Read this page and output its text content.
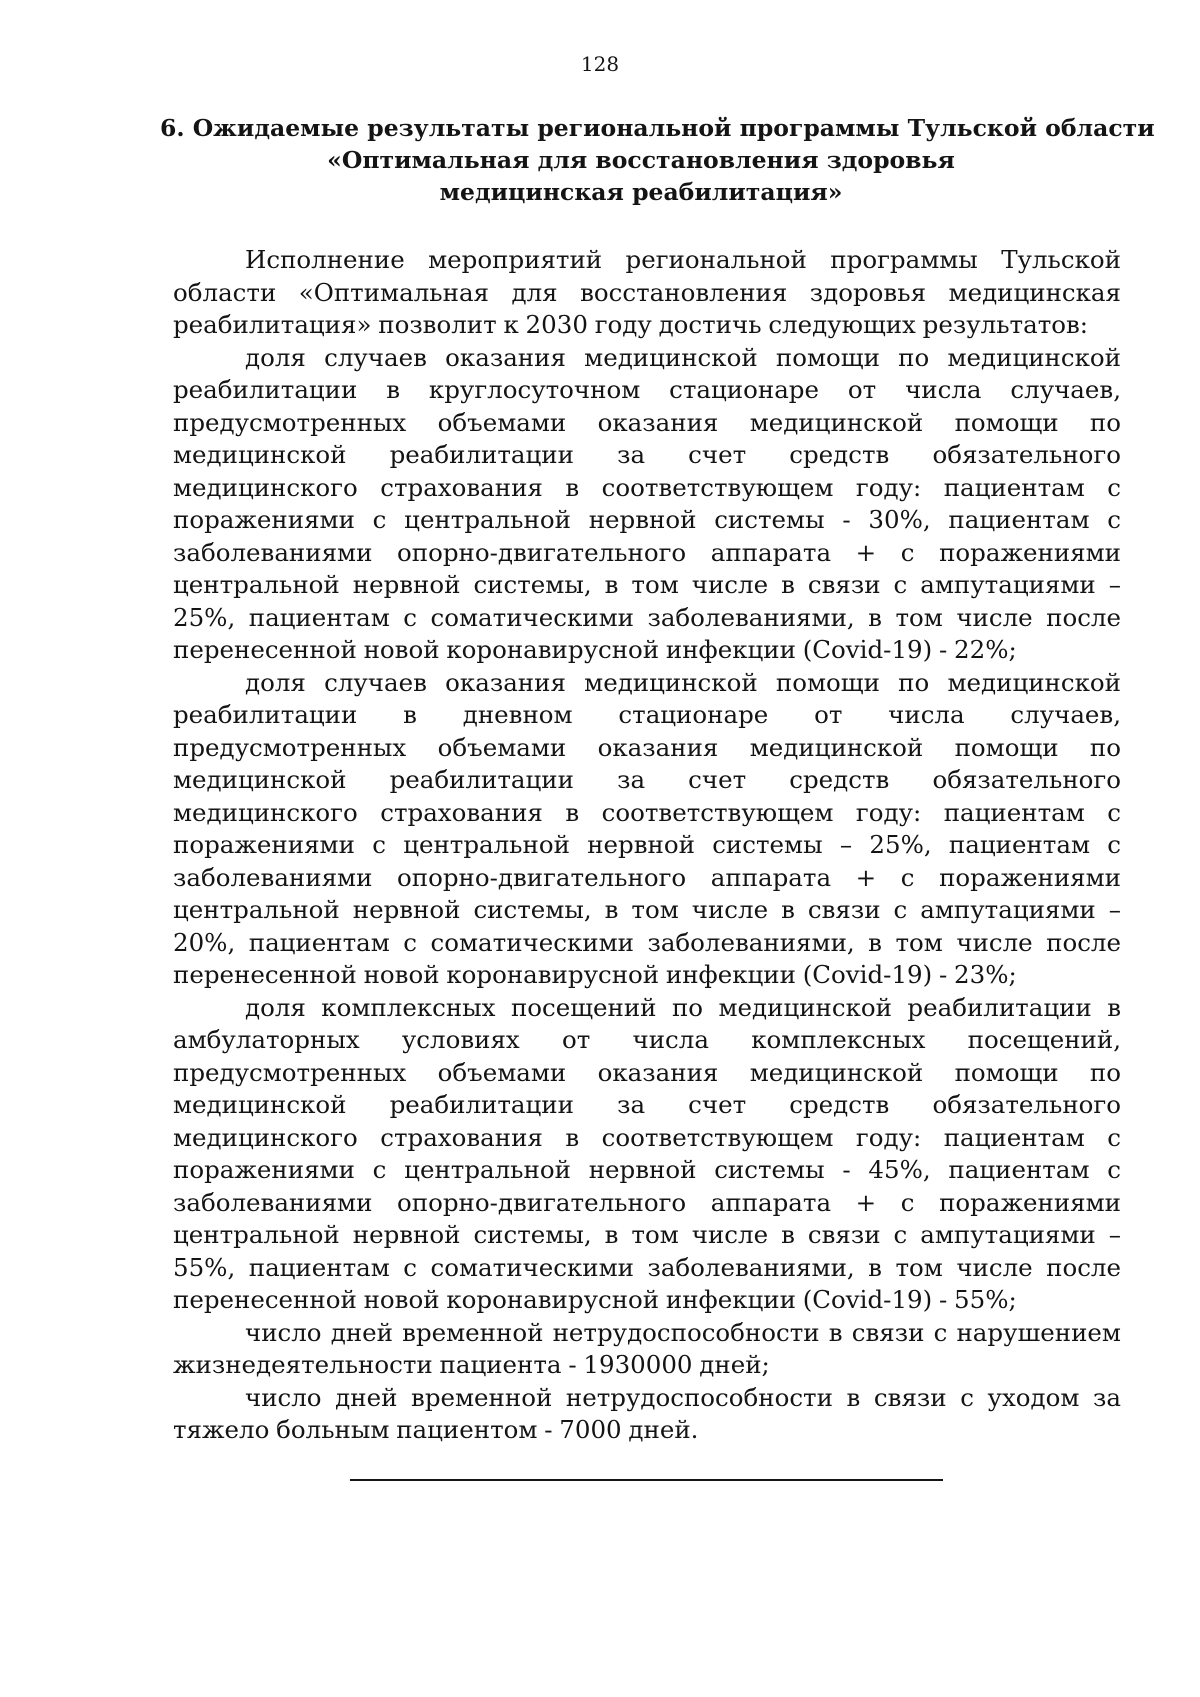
128
6. Ожидаемые результаты региональной программы Тульской области
«Оптимальная для восстановления здоровья
медицинская реабилитация»

Исполнение мероприятий региональной программы Тульской области «Оптимальная для восстановления здоровья медицинская реабилитация» позволит к 2030 году достичь следующих результатов:

доля случаев оказания медицинской помощи по медицинской реабилитации в круглосуточном стационаре от числа случаев, предусмотренных объемами оказания медицинской помощи по медицинской реабилитации за счет средств обязательного медицинского страхования в соответствующем году: пациентам с поражениями с центральной нервной системы - 30%, пациентам с заболеваниями опорно-двигательного аппарата + с поражениями центральной нервной системы, в том числе в связи с ампутациями – 25%, пациентам с соматическими заболеваниями, в том числе после перенесенной новой коронавирусной инфекции (Covid-19) - 22%;

доля случаев оказания медицинской помощи по медицинской реабилитации в дневном стационаре от числа случаев, предусмотренных объемами оказания медицинской помощи по медицинской реабилитации за счет средств обязательного медицинского страхования в соответствующем году: пациентам с поражениями с центральной нервной системы – 25%, пациентам с заболеваниями опорно-двигательного аппарата + с поражениями центральной нервной системы, в том числе в связи с ампутациями – 20%, пациентам с соматическими заболеваниями, в том числе после перенесенной новой коронавирусной инфекции (Covid-19) - 23%;

доля комплексных посещений по медицинской реабилитации в амбулаторных условиях от числа комплексных посещений, предусмотренных объемами оказания медицинской помощи по медицинской реабилитации за счет средств обязательного медицинского страхования в соответствующем году: пациентам с поражениями с центральной нервной системы - 45%, пациентам с заболеваниями опорно-двигательного аппарата + с поражениями центральной нервной системы, в том числе в связи с ампутациями – 55%, пациентам с соматическими заболеваниями, в том числе после перенесенной новой коронавирусной инфекции (Covid-19) - 55%;

число дней временной нетрудоспособности в связи с нарушением жизнедеятельности пациента - 1930000 дней;

число дней временной нетрудоспособности в связи с уходом за тяжело больным пациентом - 7000 дней.
